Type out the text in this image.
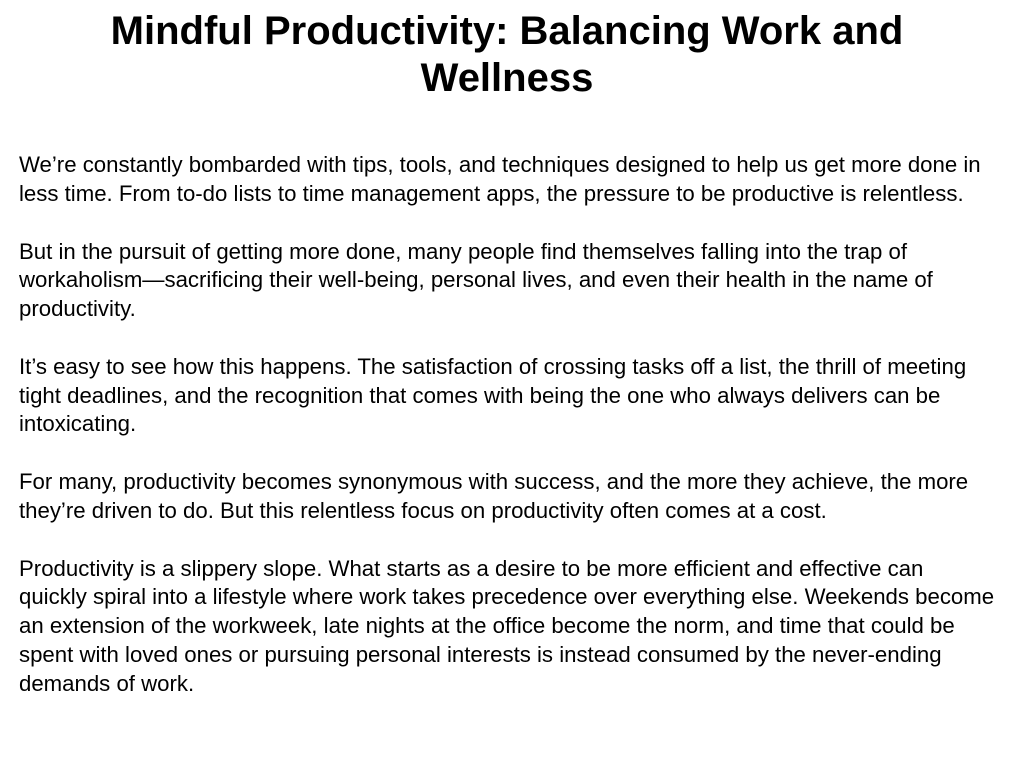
Mindful Productivity: Balancing Work and Wellness

We’re constantly bombarded with tips, tools, and techniques designed to help us get more done in less time. From to-do lists to time management apps, the pressure to be productive is relentless.

But in the pursuit of getting more done, many people find themselves falling into the trap of workaholism—sacrificing their well-being, personal lives, and even their health in the name of productivity.

It’s easy to see how this happens. The satisfaction of crossing tasks off a list, the thrill of meeting tight deadlines, and the recognition that comes with being the one who always delivers can be intoxicating.

For many, productivity becomes synonymous with success, and the more they achieve, the more they’re driven to do. But this relentless focus on productivity often comes at a cost.

Productivity is a slippery slope. What starts as a desire to be more efficient and effective can quickly spiral into a lifestyle where work takes precedence over everything else. Weekends become an extension of the workweek, late nights at the office become the norm, and time that could be spent with loved ones or pursuing personal interests is instead consumed by the never-ending demands of work.
